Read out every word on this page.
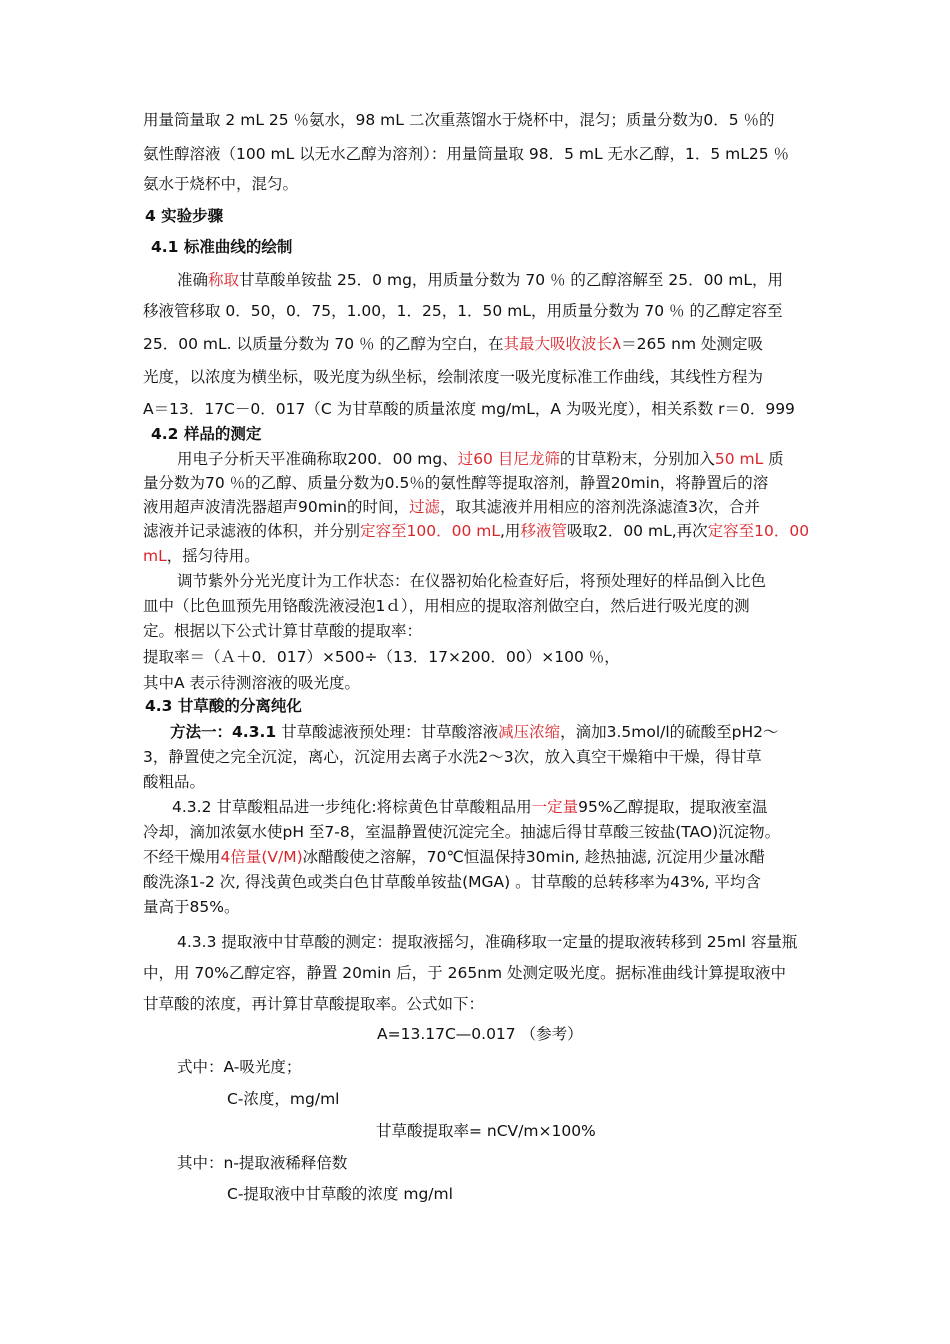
用量筒量取 2 mL 25 ％氨水，98 mL 二次重蒸馏水于烧杯中，混匀；质量分数为0．5 ％的
氨性醇溶液（100 mL 以无水乙醇为溶剂）：用量筒量取 98．5 mL 无水乙醇，1．5 mL25 ％
氨水于烧杯中，混匀。
4 实验步骤
4.1 标准曲线的绘制
准确称取甘草酸单铵盐 25．0 mg，用质量分数为 70 ％ 的乙醇溶解至 25．00 mL，用
移液管移取 0．50，0．75，1.00，1．25，1．50 mL，用质量分数为 70 ％ 的乙醇定容至
25．00 mL. 以质量分数为 70 ％ 的乙醇为空白，在其最大吸收波长λ＝265 nm 处测定吸
光度，以浓度为横坐标，吸光度为纵坐标，绘制浓度一吸光度标准工作曲线，其线性方程为
A＝13．17C－0．017（C 为甘草酸的质量浓度 mg/mL，A 为吸光度），相关系数 r＝0．999
4.2 样品的测定
用电子分析天平准确称取200．00 mg、过60 目尼龙筛的甘草粉末，分别加入50 mL 质
量分数为70 ％的乙醇、质量分数为0.5％的氨性醇等提取溶剂，静置20min，将静置后的溶
液用超声波清洗器超声90min的时间，过滤，取其滤液并用相应的溶剂洗涤滤渣3次，合并
滤液并记录滤液的体积，并分别定容至100．00 mL,用移液管吸取2．00 mL,再次定容至10．00
mL，摇匀待用。
调节紫外分光光度计为工作状态：在仪器初始化检查好后，将预处理好的样品倒入比色
皿中（比色皿预先用铬酸洗液浸泡1ｄ），用相应的提取溶剂做空白，然后进行吸光度的测
定。根据以下公式计算甘草酸的提取率：
提取率＝（Ａ＋0．017）×500÷（13．17×200．00）×100 ％，
其中A 表示待测溶液的吸光度。
4.3 甘草酸的分离纯化
方法一：4.3.1 甘草酸滤液预处理：甘草酸溶液减压浓缩，滴加3.5mol/l的硫酸至pH2～
3，静置使之完全沉淀，离心，沉淀用去离子水洗2～3次，放入真空干燥箱中干燥，得甘草
酸粗品。
4.3.2 甘草酸粗品进一步纯化:将棕黄色甘草酸粗品用一定量95%乙醇提取，提取液室温
冷却，滴加浓氨水使pH 至7-8，室温静置使沉淀完全。抽滤后得甘草酸三铵盐(TAO)沉淀物。
不经干燥用4倍量(V/M)冰醋酸使之溶解，70℃恒温保持30min, 趁热抽滤, 沉淀用少量冰醋
酸洗涤1-2 次, 得浅黄色或类白色甘草酸单铵盐(MGA) 。甘草酸的总转移率为43%, 平均含
量高于85%。
4.3.3 提取液中甘草酸的测定：提取液摇匀，准确移取一定量的提取液转移到 25ml 容量瓶
中，用 70%乙醇定容，静置 20min 后，于 265nm 处测定吸光度。据标准曲线计算提取液中
甘草酸的浓度，再计算甘草酸提取率。公式如下：
A=13.17C—0.017 （参考）
式中：A-吸光度；
C-浓度，mg/ml
甘草酸提取率= nCV/m×100%
其中：n-提取液稀释倍数
C-提取液中甘草酸的浓度 mg/ml
